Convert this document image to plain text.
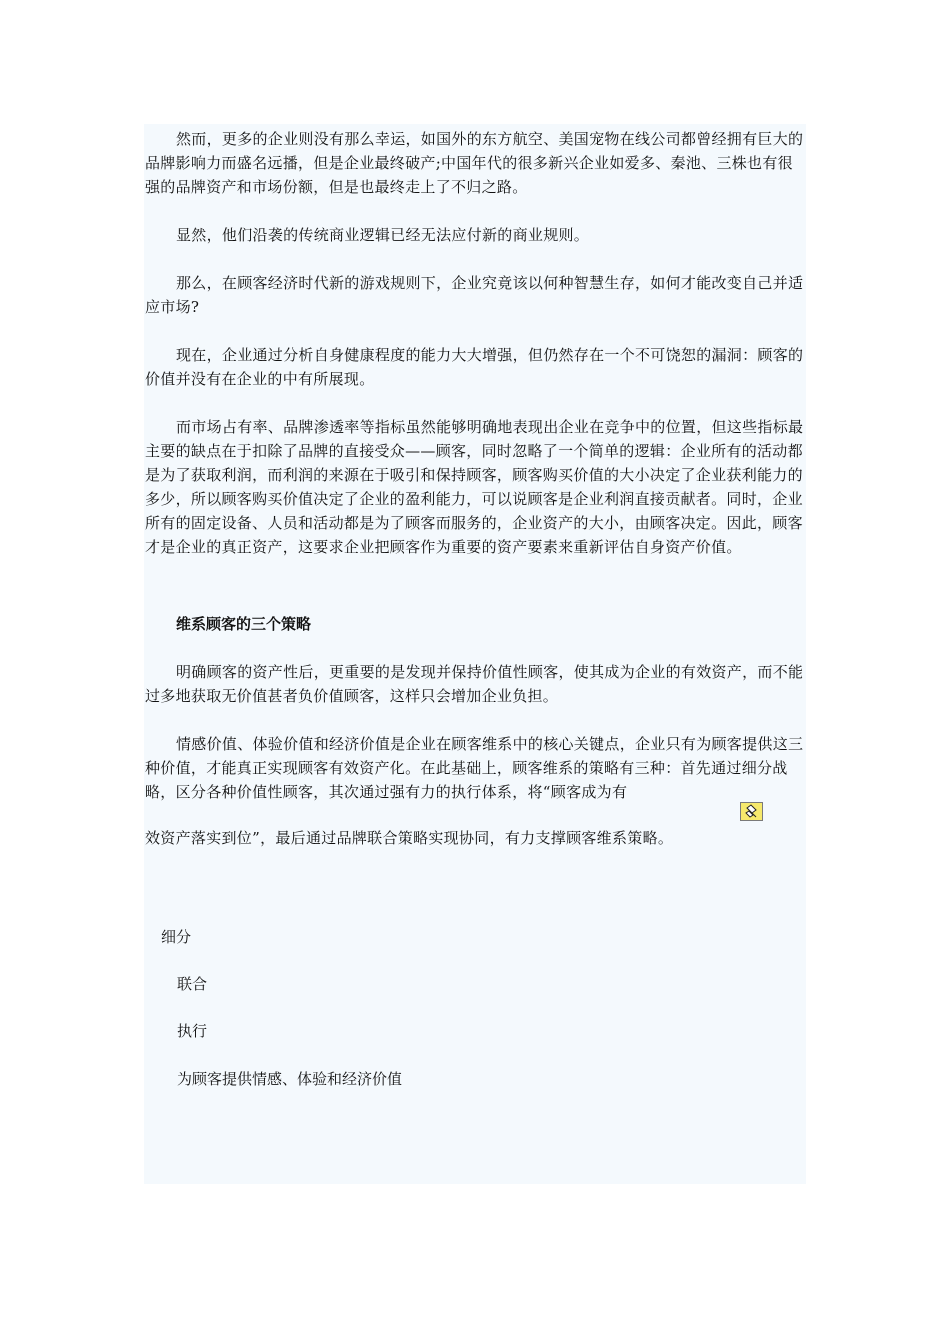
然而，更多的企业则没有那么幸运，如国外的东方航空、美国宠物在线公司都曾经拥有巨大的品牌影响力而盛名远播，但是企业最终破产;中国年代的很多新兴企业如爱多、秦池、三株也有很强的品牌资产和市场份额，但是也最终走上了不归之路。

显然，他们沿袭的传统商业逻辑已经无法应付新的商业规则。

那么，在顾客经济时代新的游戏规则下，企业究竟该以何种智慧生存，如何才能改变自己并适应市场?

现在，企业通过分析自身健康程度的能力大大增强，但仍然存在一个不可饶恕的漏洞：顾客的价值并没有在企业的中有所展现。

而市场占有率、品牌渗透率等指标虽然能够明确地表现出企业在竞争中的位置，但这些指标最主要的缺点在于扣除了品牌的直接受众——顾客，同时忽略了一个简单的逻辑：企业所有的活动都是为了获取利润，而利润的来源在于吸引和保持顾客，顾客购买价值的大小决定了企业获利能力的多少，所以顾客购买价值决定了企业的盈利能力，可以说顾客是企业利润直接贡献者。同时，企业所有的固定设备、人员和活动都是为了顾客而服务的，企业资产的大小，由顾客决定。因此，顾客才是企业的真正资产，这要求企业把顾客作为重要的资产要素来重新评估自身资产价值。

维系顾客的三个策略

明确顾客的资产性后，更重要的是发现并保持价值性顾客，使其成为企业的有效资产，而不能过多地获取无价值甚者负价值顾客，这样只会增加企业负担。

情感价值、体验价值和经济价值是企业在顾客维系中的核心关键点，企业只有为顾客提供这三种价值，才能真正实现顾客有效资产化。在此基础上，顾客维系的策略有三种：首先通过细分战略，区分各种价值性顾客，其次通过强有力的执行体系，将“顾客成为有

效资产落实到位”，最后通过品牌联合策略实现协同，有力支撑顾客维系策略。

细分

联合

执行

为顾客提供情感、体验和经济价值
